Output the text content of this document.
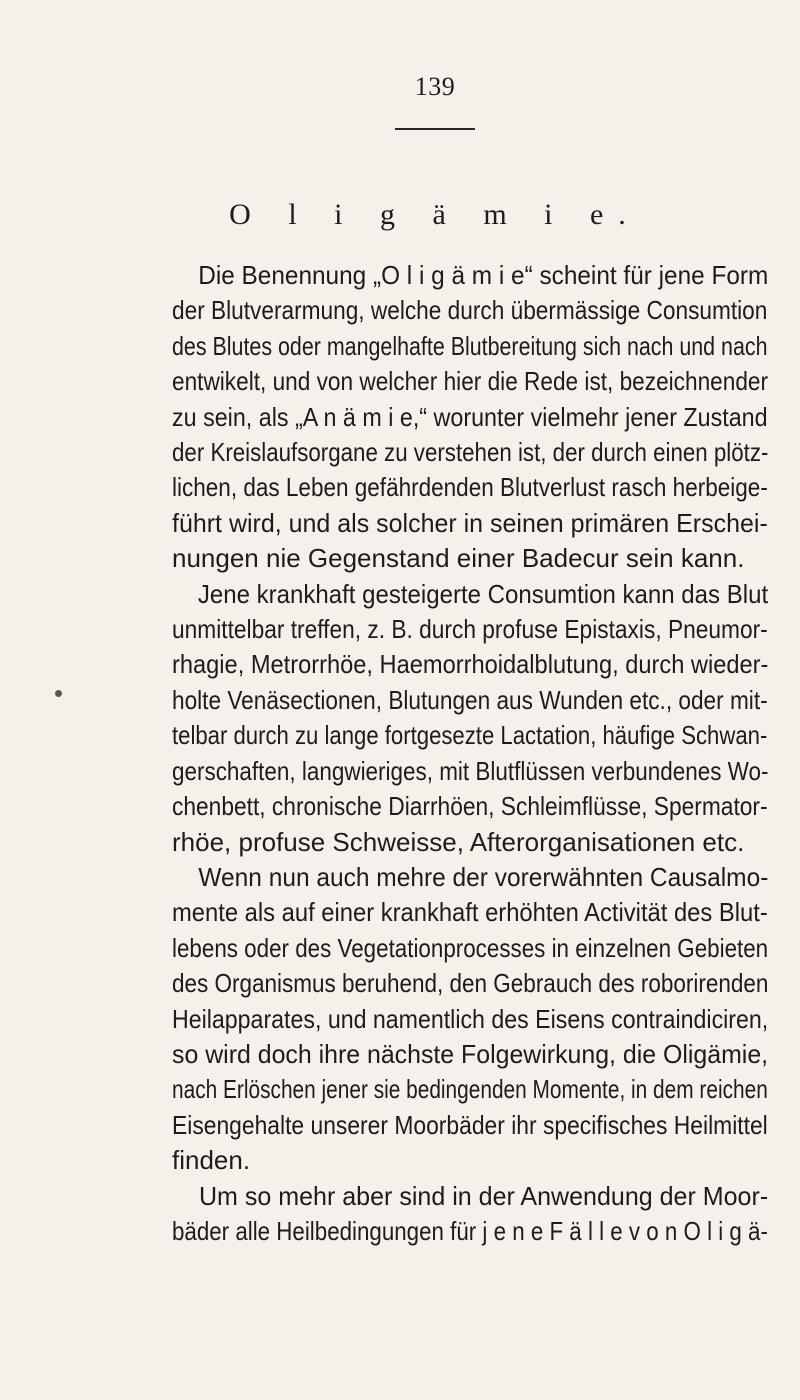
139
O l i g ä m i e.
Die Benennung „O l i g ä m i e“ scheint für jene Form
der Blutverarmung, welche durch übermässige Consumtion
des Blutes oder mangelhafte Blutbereitung sich nach und nach
entwikelt, und von welcher hier die Rede ist, bezeichnender
zu sein, als „A n ä m i e,“ worunter vielmehr jener Zustand
der Kreislaufsorgane zu verstehen ist, der durch einen plötz-
lichen, das Leben gefährdenden Blutverlust rasch herbeige-
führt wird, und als solcher in seinen primären Erschei-
nungen nie Gegenstand einer Badecur sein kann.
Jene krankhaft gesteigerte Consumtion kann das Blut
unmittelbar treffen, z. B. durch profuse Epistaxis, Pneumor-
rhagie, Metrorrhöe, Haemorrhoidalblutung, durch wieder-
holte Venäsectionen, Blutungen aus Wunden etc., oder mit-
telbar durch zu lange fortgesezte Lactation, häufige Schwan-
gerschaften, langwieriges, mit Blutflüssen verbundenes Wo-
chenbett, chronische Diarrhöen, Schleimflüsse, Spermator-
rhöe, profuse Schweisse, Afterorganisationen etc.
Wenn nun auch mehre der vorerwähnten Causalmo-
mente als auf einer krankhaft erhöhten Activität des Blut-
lebens oder des Vegetationprocesses in einzelnen Gebieten
des Organismus beruhend, den Gebrauch des roborirenden
Heilapparates, und namentlich des Eisens contraindiciren,
so wird doch ihre nächste Folgewirkung, die Oligämie,
nach Erlöschen jener sie bedingenden Momente, in dem reichen
Eisengehalte unserer Moorbäder ihr specifisches Heilmittel
finden.
Um so mehr aber sind in der Anwendung der Moor-
bäder alle Heilbedingungen für j e n e F ä l l e v o n O l i g ä-
